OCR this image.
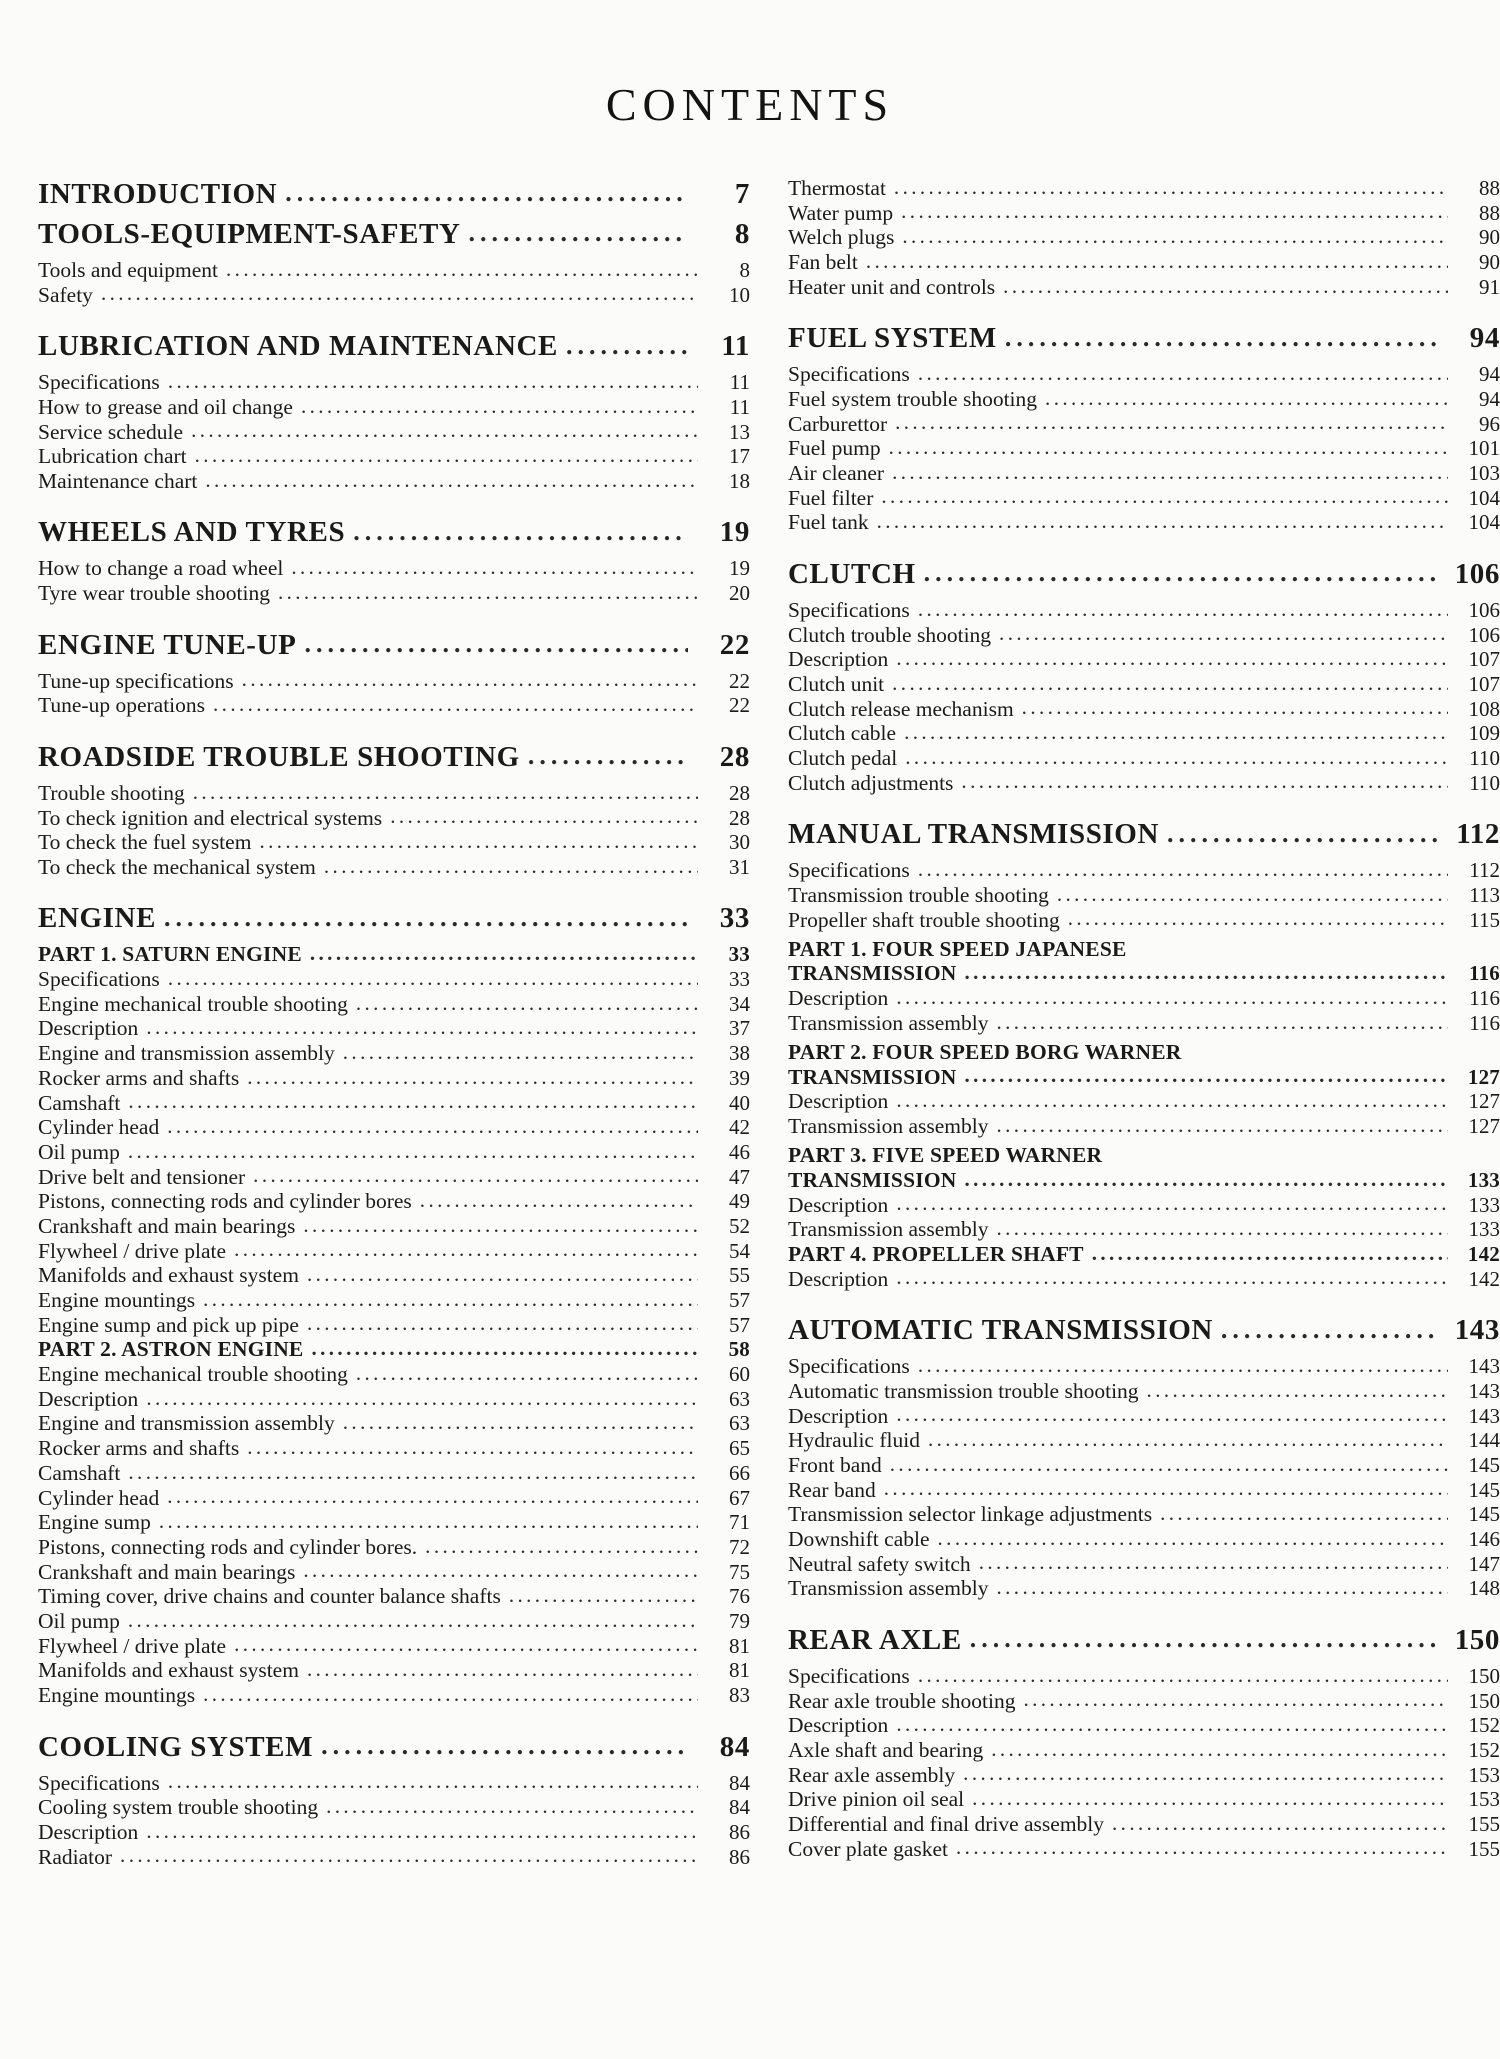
CONTENTS
INTRODUCTION .....	7
TOOLS-EQUIPMENT-SAFETY .....	8
Tools and equipment .....	8
Safety .....	10
LUBRICATION AND MAINTENANCE .....	11
Specifications .....	11
How to grease and oil change .....	11
Service schedule .....	13
Lubrication chart .....	17
Maintenance chart .....	18
WHEELS AND TYRES .....	19
How to change a road wheel .....	19
Tyre wear trouble shooting .....	20
ENGINE TUNE-UP .....	22
Tune-up specifications .....	22
Tune-up operations .....	22
ROADSIDE TROUBLE SHOOTING .....	28
Trouble shooting .....	28
To check ignition and electrical systems .....	28
To check the fuel system .....	30
To check the mechanical system .....	31
ENGINE .....	33
PART 1. SATURN ENGINE .....	33
Specifications .....	33
Engine mechanical trouble shooting .....	34
Description .....	37
Engine and transmission assembly .....	38
Rocker arms and shafts .....	39
Camshaft .....	40
Cylinder head .....	42
Oil pump .....	46
Drive belt and tensioner .....	47
Pistons, connecting rods and cylinder bores .....	49
Crankshaft and main bearings .....	52
Flywheel / drive plate .....	54
Manifolds and exhaust system .....	55
Engine mountings .....	57
Engine sump and pick up pipe .....	57
PART 2. ASTRON ENGINE .....	58
Engine mechanical trouble shooting .....	60
Description .....	63
Engine and transmission assembly .....	63
Rocker arms and shafts .....	65
Camshaft .....	66
Cylinder head .....	67
Engine sump .....	71
Pistons, connecting rods and cylinder bores. .....	72
Crankshaft and main bearings .....	75
Timing cover, drive chains and counter balance shafts .....	76
Oil pump .....	79
Flywheel / drive plate .....	81
Manifolds and exhaust system .....	81
Engine mountings .....	83
COOLING SYSTEM .....	84
Specifications .....	84
Cooling system trouble shooting .....	84
Description .....	86
Radiator .....	86
Thermostat .....	88
Water pump .....	88
Welch plugs .....	90
Fan belt .....	90
Heater unit and controls .....	91
FUEL SYSTEM .....	94
Specifications .....	94
Fuel system trouble shooting .....	94
Carburettor .....	96
Fuel pump .....	101
Air cleaner .....	103
Fuel filter .....	104
Fuel tank .....	104
CLUTCH .....	106
Specifications .....	106
Clutch trouble shooting .....	106
Description .....	107
Clutch unit .....	107
Clutch release mechanism .....	108
Clutch cable .....	109
Clutch pedal .....	110
Clutch adjustments .....	110
MANUAL TRANSMISSION .....	112
Specifications .....	112
Transmission trouble shooting .....	113
Propeller shaft trouble shooting .....	115
PART 1. FOUR SPEED JAPANESE
TRANSMISSION .....	116
Description .....	116
Transmission assembly .....	116
PART 2. FOUR SPEED BORG WARNER
TRANSMISSION .....	127
Description .....	127
Transmission assembly .....	127
PART 3. FIVE SPEED WARNER
TRANSMISSION .....	133
Description .....	133
Transmission assembly .....	133
PART 4. PROPELLER SHAFT .....	142
Description .....	142
AUTOMATIC TRANSMISSION .....	143
Specifications .....	143
Automatic transmission trouble shooting .....	143
Description .....	143
Hydraulic fluid .....	144
Front band .....	145
Rear band .....	145
Transmission selector linkage adjustments .....	145
Downshift cable .....	146
Neutral safety switch .....	147
Transmission assembly .....	148
REAR AXLE .....	150
Specifications .....	150
Rear axle trouble shooting .....	150
Description .....	152
Axle shaft and bearing .....	152
Rear axle assembly .....	153
Drive pinion oil seal .....	153
Differential and final drive assembly .....	155
Cover plate gasket .....	155
